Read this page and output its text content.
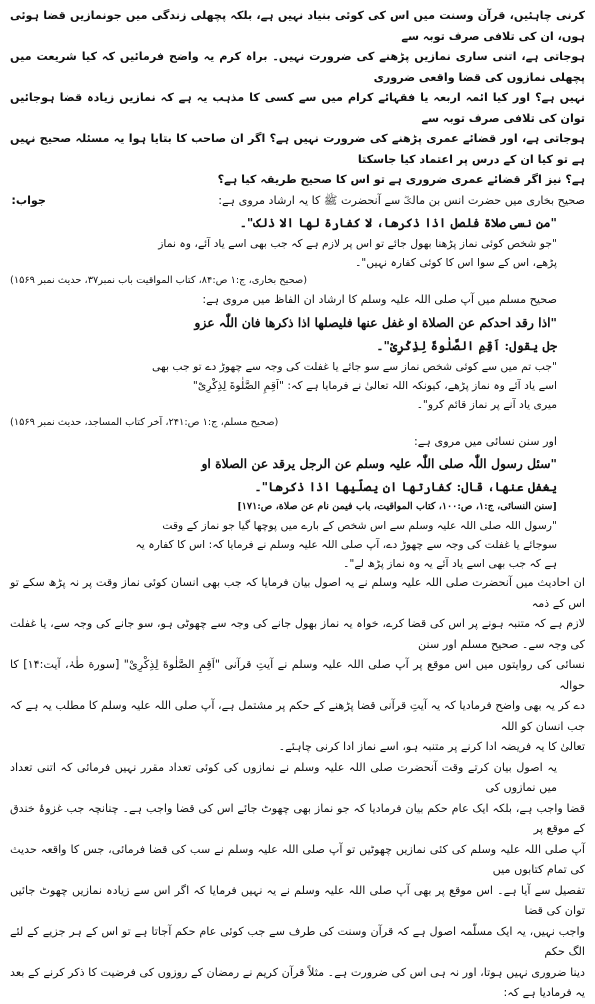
کرنی چاہئیں، قرآن وسنت میں اس کی کوئی بنیاد نہیں ہے، بلکہ پچھلی زندگی میں جونمازیں قضا ہوئی ہوں، ان کی تلافی صرف توبہ سے

ہوجاتی ہے، اتنی ساری نمازیں پڑھنے کی ضرورت نہیں۔ براہ کرم یہ واضح فرمائیں کہ کیا شریعت میں پچھلی نمازوں کی قضا واقعی ضروری

نہیں ہے؟ اور کیا ائمہ اربعہ یا فقہائے کرام میں سے کسی کا مذہب یہ ہے کہ نمازیں زیادہ قضا ہوجائیں توان کی تلافی صرف توبہ سے

ہوجاتی ہے، اور قضائے عمری پڑھنے کی ضرورت نہیں ہے؟ اگر ان صاحب کا بتایا ہوا یہ مسئلہ صحیح نہیں ہے تو کیا ان کے درس پر اعتماد کیا جاسکتا

ہے؟ نیز اگر قضائے عمری ضروری ہے تو اس کا صحیح طریقہ کیا ہے؟

جواب:	صحیح بخاری میں حضرت انس بن مالکؓ سے آنحضرت ﷺ کا یہ ارشاد مروی ہے:

"من نسی صلاة فلصل اذا ذکرھا، لا کفارة لھا الا ذلک"۔

"جو شخص کوئی نماز پڑھنا بھول جائے تو اس پر لازم ہے کہ جب بھی اسے یاد آئے، وہ نماز

پڑھے، اس کے سوا اس کا کوئی کفارہ نہیں"۔

(صحیح بخاری، ج:۱ ص:۸۴، کتاب المواقیت باب نمبر۳۷، حدیث نمبر ۱۵۶۹)

صحیح مسلم میں آپ صلی اللہ علیہ وسلم کا ارشاد ان الفاظ میں مروی ہے:

"اذا رقد احدکم عن الصلاة او غفل عنھا فلیصلھا اذا ذکرھا فان اللّٰہ عزو

جل یقول: اَقِمِ الصَّلٰوةَ لِذِکْرِیْ"۔

"جب تم میں سے کوئی شخص نماز سے سو جائے یا غفلت کی وجہ سے چھوڑ دے تو جب بھی

اسے یاد آئے وہ نماز پڑھے، کیونکہ اللہ تعالیٰ نے فرمایا ہے کہ: "اَقِمِ الصَّلٰوةَ لِذِکْرِیْ"

میری یاد آنے پر نماز قائم کرو"۔

(صحیح مسلم، ج:۱ ص:۲۴۱، آخر کتاب المساجد، حدیث نمبر ۱۵۶۹)

اور سنن نسائی میں مروی ہے:

"سئل رسول اللّٰہ صلی اللّٰہ علیہ وسلم عن الرجل یرقد عن الصلاة او

یغفل عنھا، قال: کفارتھا ان یصلّیھا اذا ذکرھا"۔

[سنن النسائی، ج:۱، ص:۱۰۰، کتاب المواقیت، باب فیمن نام عن صلاة، ص:۱۷۱]

"رسول اللہ صلی اللہ علیہ وسلم سے اس شخص کے بارے میں پوچھا گیا جو نماز کے وقت

سوجائے یا غفلت کی وجہ سے چھوڑ دے، آپ صلی اللہ علیہ وسلم نے فرمایا کہ: اس کا کفارہ یہ

ہے کہ جب بھی اسے یاد آئے یہ وہ نماز پڑھ لے"۔

ان احادیث میں آنحضرت صلی اللہ علیہ وسلم نے یہ اصول بیان فرمایا کہ جب بھی انسان کوئی نماز وقت پر نہ پڑھ سکے تو اس کے ذمہ

لازم ہے کہ متنبہ ہونے پر اس کی قضا کرے، خواہ یہ نماز بھول جانے کی وجہ سے چھوٹی ہو، سو جانے کی وجہ سے، یا غفلت کی وجہ سے۔ صحیح مسلم اور سنن

نسائی کی روایتوں میں اس موقع پر آپ صلی اللہ علیہ وسلم نے آیتِ قرآنی "اَقِمِ الصَّلٰوةَ لِذِکْرِیْ" [سورة طٰہٰ، آیت:۱۴] کا حوالہ

دے کر یہ بھی واضح فرمادیا کہ یہ آیتِ قرآنی قضا پڑھنے کے حکم پر مشتمل ہے، آپ صلی اللہ علیہ وسلم کا مطلب یہ ہے کہ جب انسان کو اللہ

تعالیٰ کا یہ فریضہ ادا کرنے پر متنبہ ہو، اسے نماز ادا کرنی چاہئے۔

یہ اصول بیان کرتے وقت آنحضرت صلی اللہ علیہ وسلم نے نمازوں کی کوئی تعداد مقرر نہیں فرمائی کہ اتنی تعداد میں نمازوں کی

قضا واجب ہے، بلکہ ایک عام حکم بیان فرمادیا کہ جو نماز بھی چھوٹ جائے اس کی قضا واجب ہے۔ چنانچہ جب غزوۂ خندق کے موقع پر

آپ صلی اللہ علیہ وسلم کی کئی نمازیں چھوٹیں تو آپ صلی اللہ علیہ وسلم نے سب کی قضا فرمائی، جس کا واقعہ حدیث کی تمام کتابوں میں

تفصیل سے آیا ہے۔ اس موقع پر بھی آپ صلی اللہ علیہ وسلم نے یہ نہیں فرمایا کہ اگر اس سے زیادہ نمازیں چھوٹ جائیں توان کی قضا

واجب نہیں، یہ ایک مسلّمہ اصول ہے کہ قرآن وسنت کی طرف سے جب کوئی عام حکم آجاتا ہے تو اس کے ہر جزیے کے لئے الگ حکم

دینا ضروری نہیں ہوتا، اور نہ ہی اس کی ضرورت ہے۔ مثلاً قرآن کریم نے رمضان کے روزوں کی فرضیت کا ذکر کرنے کے بعد یہ فرمادیا ہے کہ:
